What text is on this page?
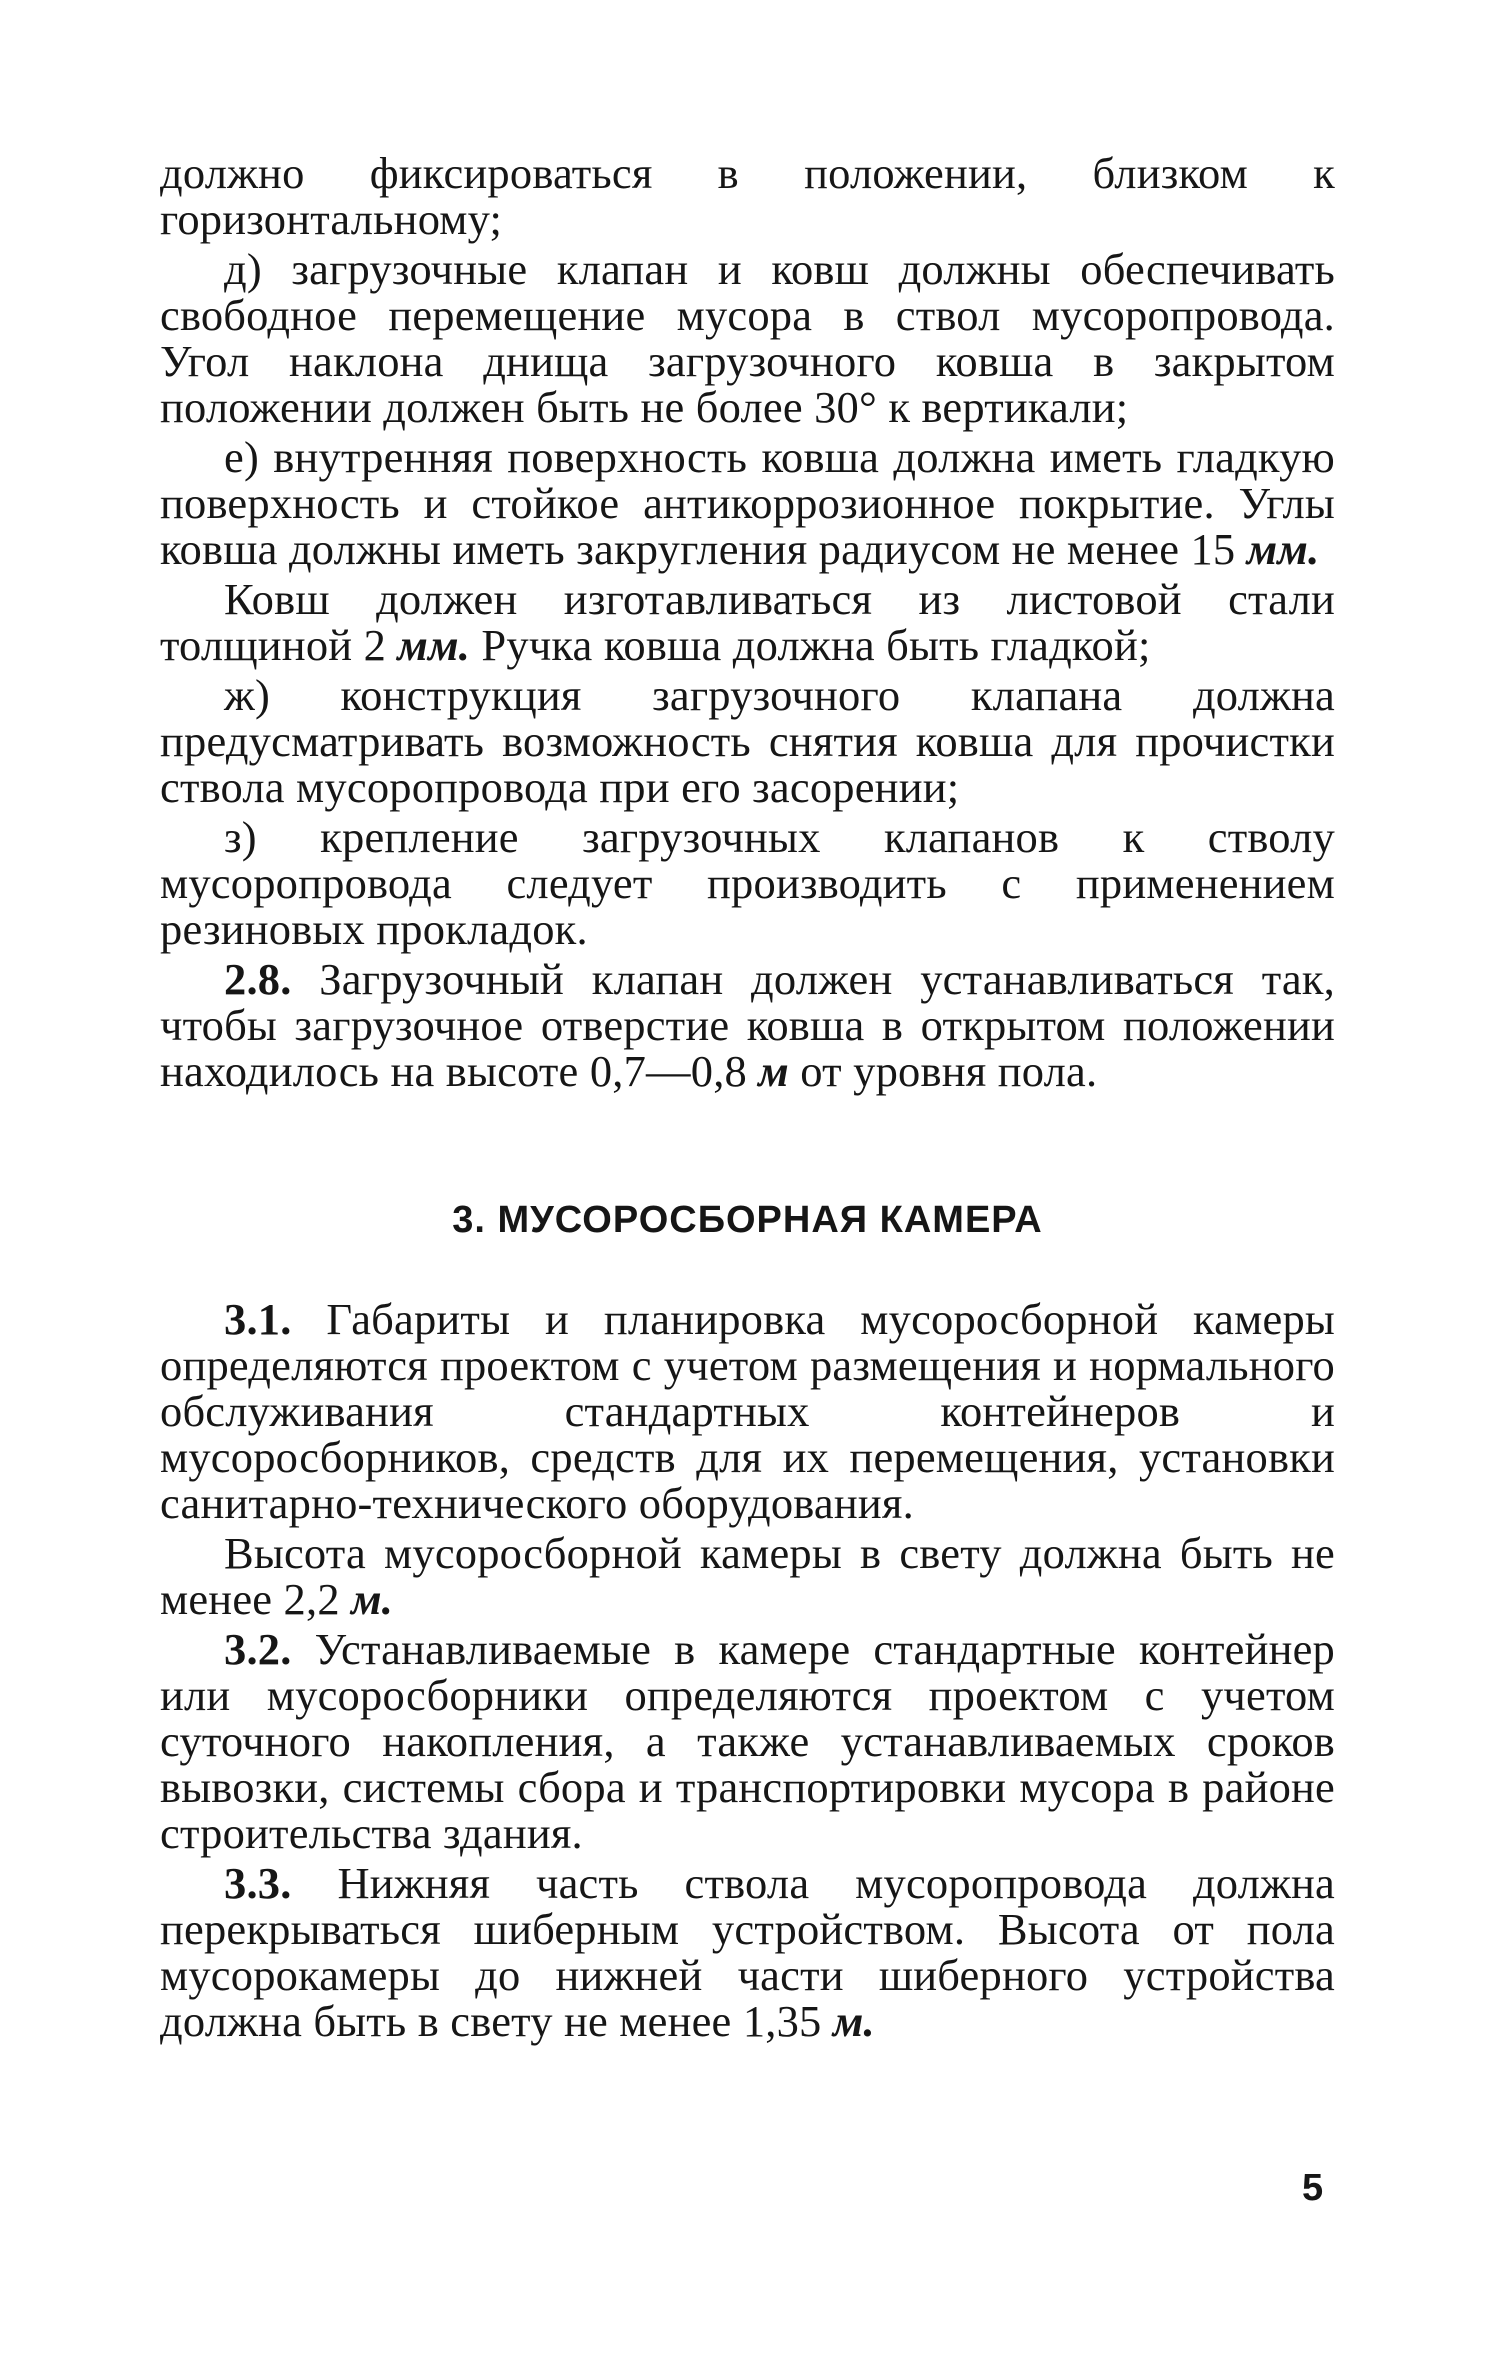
должно фиксироваться в положении, близком к горизонтальному;

д) загрузочные клапан и ковш должны обеспечивать свободное перемещение мусора в ствол мусоропровода. Угол наклона днища загрузочного ковша в закрытом положении должен быть не более 30° к вертикали;

е) внутренняя поверхность ковша должна иметь гладкую поверхность и стойкое антикоррозионное покрытие. Углы ковша должны иметь закругления радиусом не менее 15 мм.

Ковш должен изготавливаться из листовой стали толщиной 2 мм. Ручка ковша должна быть гладкой;

ж) конструкция загрузочного клапана должна предусматривать возможность снятия ковша для прочистки ствола мусоропровода при его засорении;

з) крепление загрузочных клапанов к стволу мусоропровода следует производить с применением резиновых прокладок.

2.8. Загрузочный клапан должен устанавливаться так, чтобы загрузочное отверстие ковша в открытом положении находилось на высоте 0,7—0,8 м от уровня пола.

3. МУСОРОСБОРНАЯ КАМЕРА

3.1. Габариты и планировка мусоросборной камеры определяются проектом с учетом размещения и нормального обслуживания стандартных контейнеров и мусоросборников, средств для их перемещения, установки санитарно-технического оборудования.

Высота мусоросборной камеры в свету должна быть не менее 2,2 м.

3.2. Устанавливаемые в камере стандартные контейнер или мусоросборники определяются проектом с учетом суточного накопления, а также устанавливаемых сроков вывозки, системы сбора и транспортировки мусора в районе строительства здания.

3.3. Нижняя часть ствола мусоропровода должна перекрываться шиберным устройством. Высота от пола мусорокамеры до нижней части шиберного устройства должна быть в свету не менее 1,35 м.

5
